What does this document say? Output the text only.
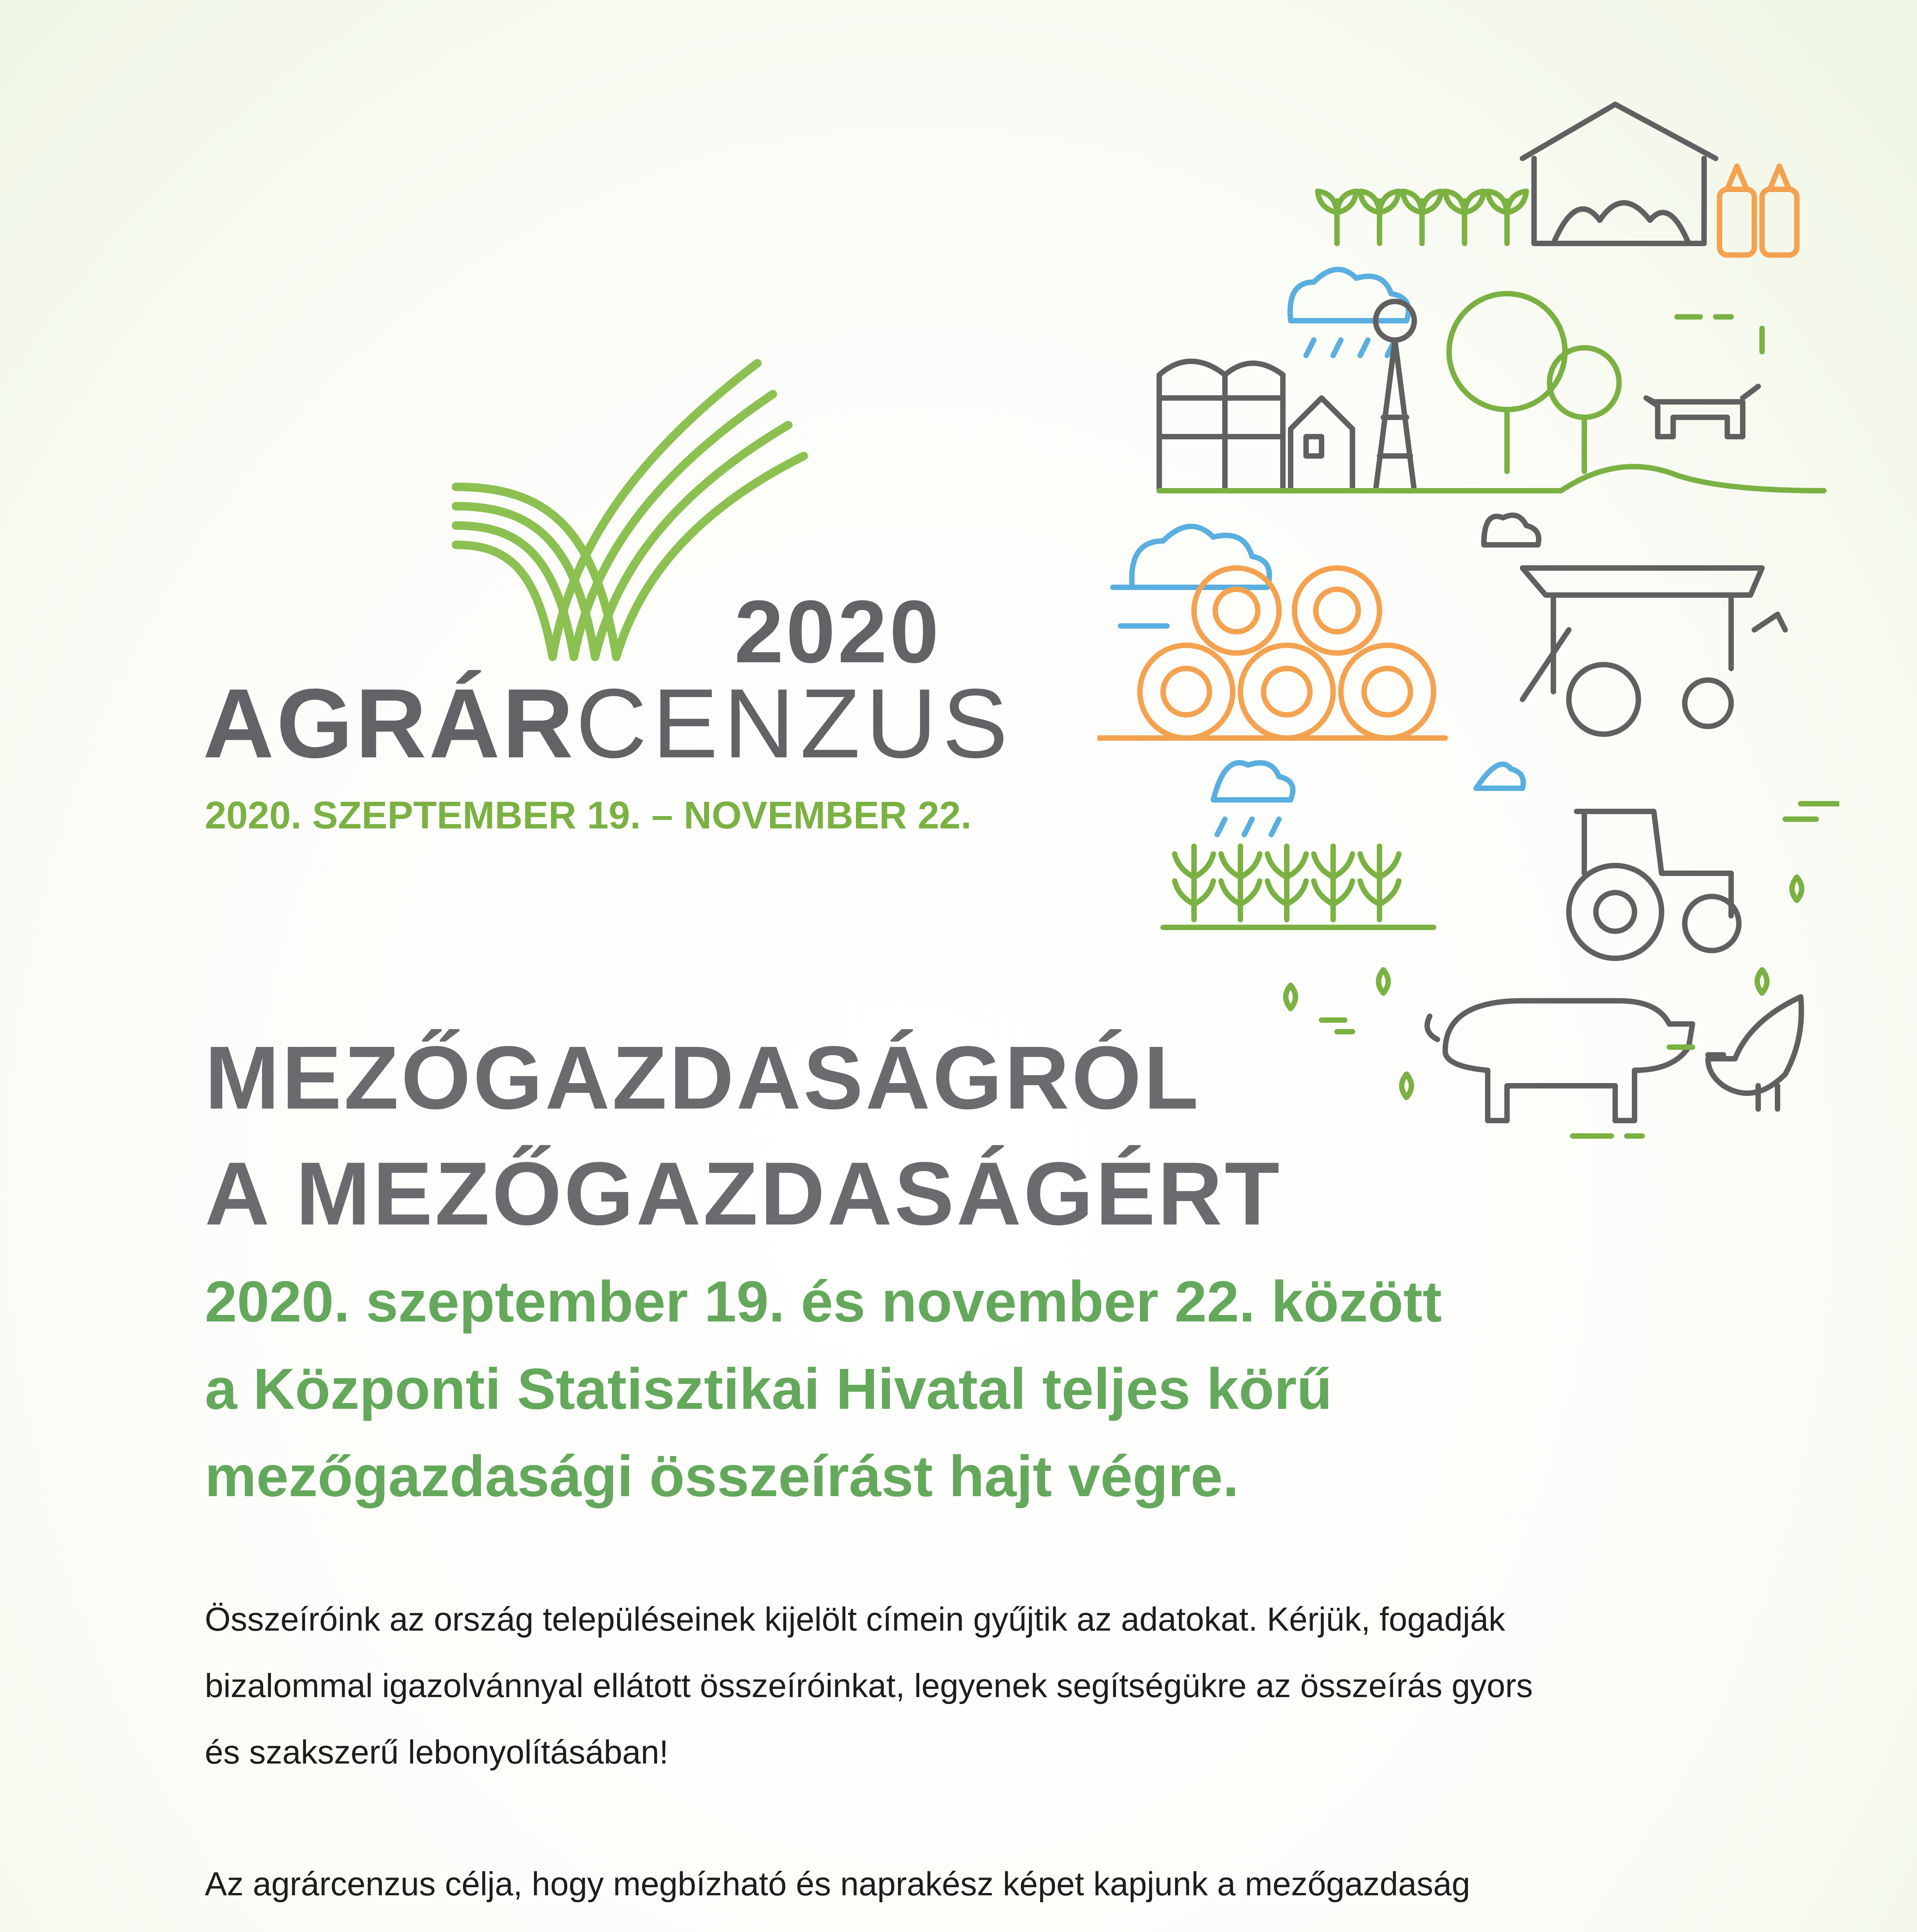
2020
AGRÁRCENZUS
2020. SZEPTEMBER 19. – NOVEMBER 22.
MEZŐGAZDASÁGRÓL
A MEZŐGAZDASÁGÉRT
2020. szeptember 19. és november 22. között
a Központi Statisztikai Hivatal teljes körű
mezőgazdasági összeírást hajt végre.

Összeíróink az ország településeinek kijelölt címein gyűjtik az adatokat. Kérjük, fogadják
bizalommal igazolvánnyal ellátott összeíróinkat, legyenek segítségükre az összeírás gyors
és szakszerű lebonyolításában!

Az agrárcenzus célja, hogy megbízható és naprakész képet kapjunk a mezőgazdaság
